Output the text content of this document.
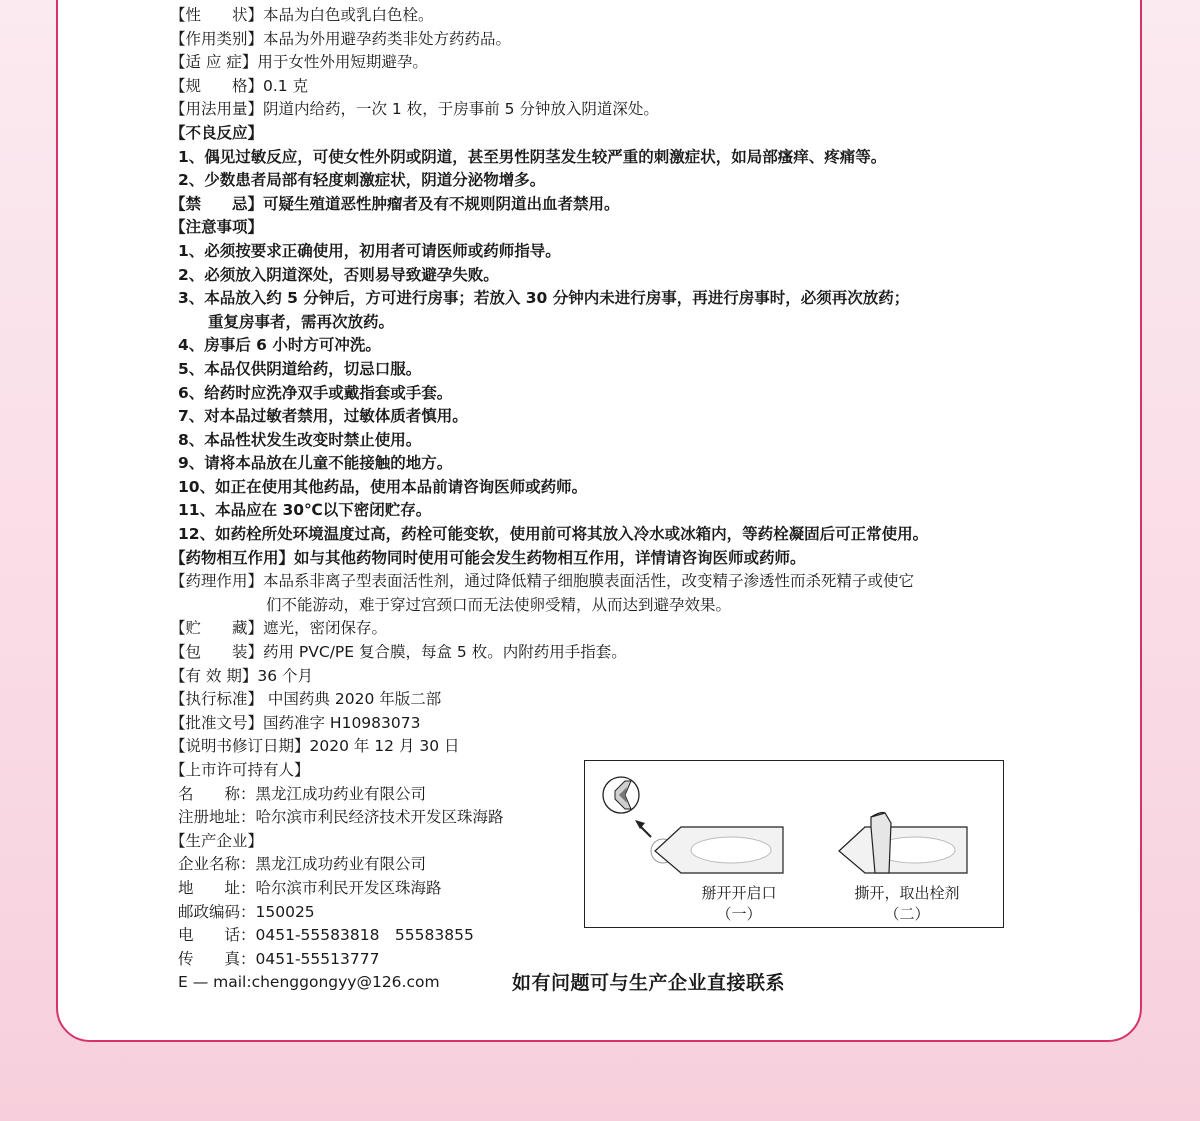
【性　　状】本品为白色或乳白色栓。
【作用类别】本品为外用避孕药类非处方药药品。
【适 应 症】用于女性外用短期避孕。
【规　　格】0.1 克
【用法用量】阴道内给药，一次 1 枚，于房事前 5 分钟放入阴道深处。
【不良反应】
1、偶见过敏反应，可使女性外阴或阴道，甚至男性阴茎发生较严重的刺激症状，如局部瘙痒、疼痛等。
2、少数患者局部有轻度刺激症状，阴道分泌物增多。
【禁　　忌】可疑生殖道恶性肿瘤者及有不规则阴道出血者禁用。
【注意事项】
1、必须按要求正确使用，初用者可请医师或药师指导。
2、必须放入阴道深处，否则易导致避孕失败。
3、本品放入约 5 分钟后，方可进行房事；若放入 30 分钟内未进行房事，再进行房事时，必须再次放药；
重复房事者，需再次放药。
4、房事后 6 小时方可冲洗。
5、本品仅供阴道给药，切忌口服。
6、给药时应洗净双手或戴指套或手套。
7、对本品过敏者禁用，过敏体质者慎用。
8、本品性状发生改变时禁止使用。
9、请将本品放在儿童不能接触的地方。
10、如正在使用其他药品，使用本品前请咨询医师或药师。
11、本品应在 30℃以下密闭贮存。
12、如药栓所处环境温度过高，药栓可能变软，使用前可将其放入冷水或冰箱内，等药栓凝固后可正常使用。
【药物相互作用】如与其他药物同时使用可能会发生药物相互作用，详情请咨询医师或药师。
【药理作用】本品系非离子型表面活性剂，通过降低精子细胞膜表面活性，改变精子渗透性而杀死精子或使它
们不能游动，难于穿过宫颈口而无法使卵受精，从而达到避孕效果。
【贮　　藏】遮光，密闭保存。
【包　　装】药用 PVC/PE 复合膜，每盒 5 枚。内附药用手指套。
【有 效 期】36 个月
【执行标准】 中国药典 2020 年版二部
【批准文号】国药准字 H10983073
【说明书修订日期】2020 年 12 月 30 日
【上市许可持有人】
名　　称：黑龙江成功药业有限公司
注册地址：哈尔滨市利民经济技术开发区珠海路
【生产企业】
企业名称：黑龙江成功药业有限公司
地　　址：哈尔滨市利民开发区珠海路
邮政编码：150025
电　　话：0451-55583818　55583855
传　　真：0451-55513777
E — mail:chenggongyy@126.com
掰开开启口
（一）
撕开，取出栓剂
（二）
如有问题可与生产企业直接联系
